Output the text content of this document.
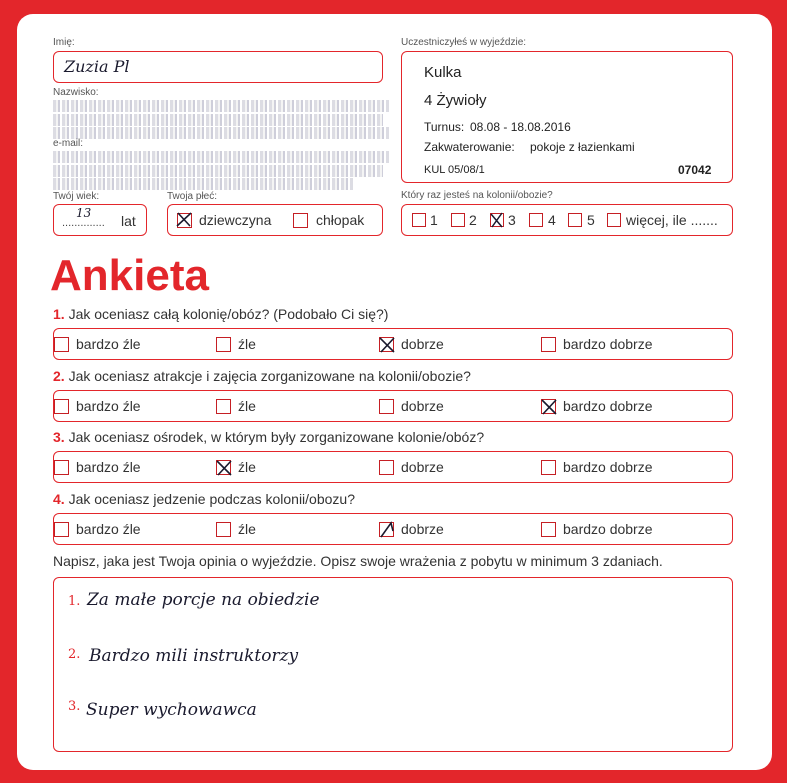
Imię:
Zuzia Pl
Nazwisko:
e-mail:
Twój wiek:
13
.............. lat
Twoja płeć:
dziewczyna	chłopak
Uczestniczyłeś w wyjeździe:
Kulka
4 Żywioły
Turnus: 08.08 - 18.08.2016
Zakwaterowanie: pokoje z łazienkami
KUL 05/08/1	07042
Który raz jesteś na kolonii/obozie?
1 2 3 4 5 więcej, ile .......
Ankieta
1. Jak oceniasz całą kolonię/obóz? (Podobało Ci się?)
bardzo źle	źle	dobrze	bardzo dobrze
2. Jak oceniasz atrakcje i zajęcia zorganizowane na kolonii/obozie?
bardzo źle	źle	dobrze	bardzo dobrze
3. Jak oceniasz ośrodek, w którym były zorganizowane kolonie/obóz?
bardzo źle	źle	dobrze	bardzo dobrze
4. Jak oceniasz jedzenie podczas kolonii/obozu?
bardzo źle	źle	dobrze	bardzo dobrze
Napisz, jaka jest Twoja opinia o wyjeździe. Opisz swoje wrażenia z pobytu w minimum 3 zdaniach.
1. Za małe porcje na obiedzie
2. Bardzo mili instruktorzy
3. Super wychowawca
